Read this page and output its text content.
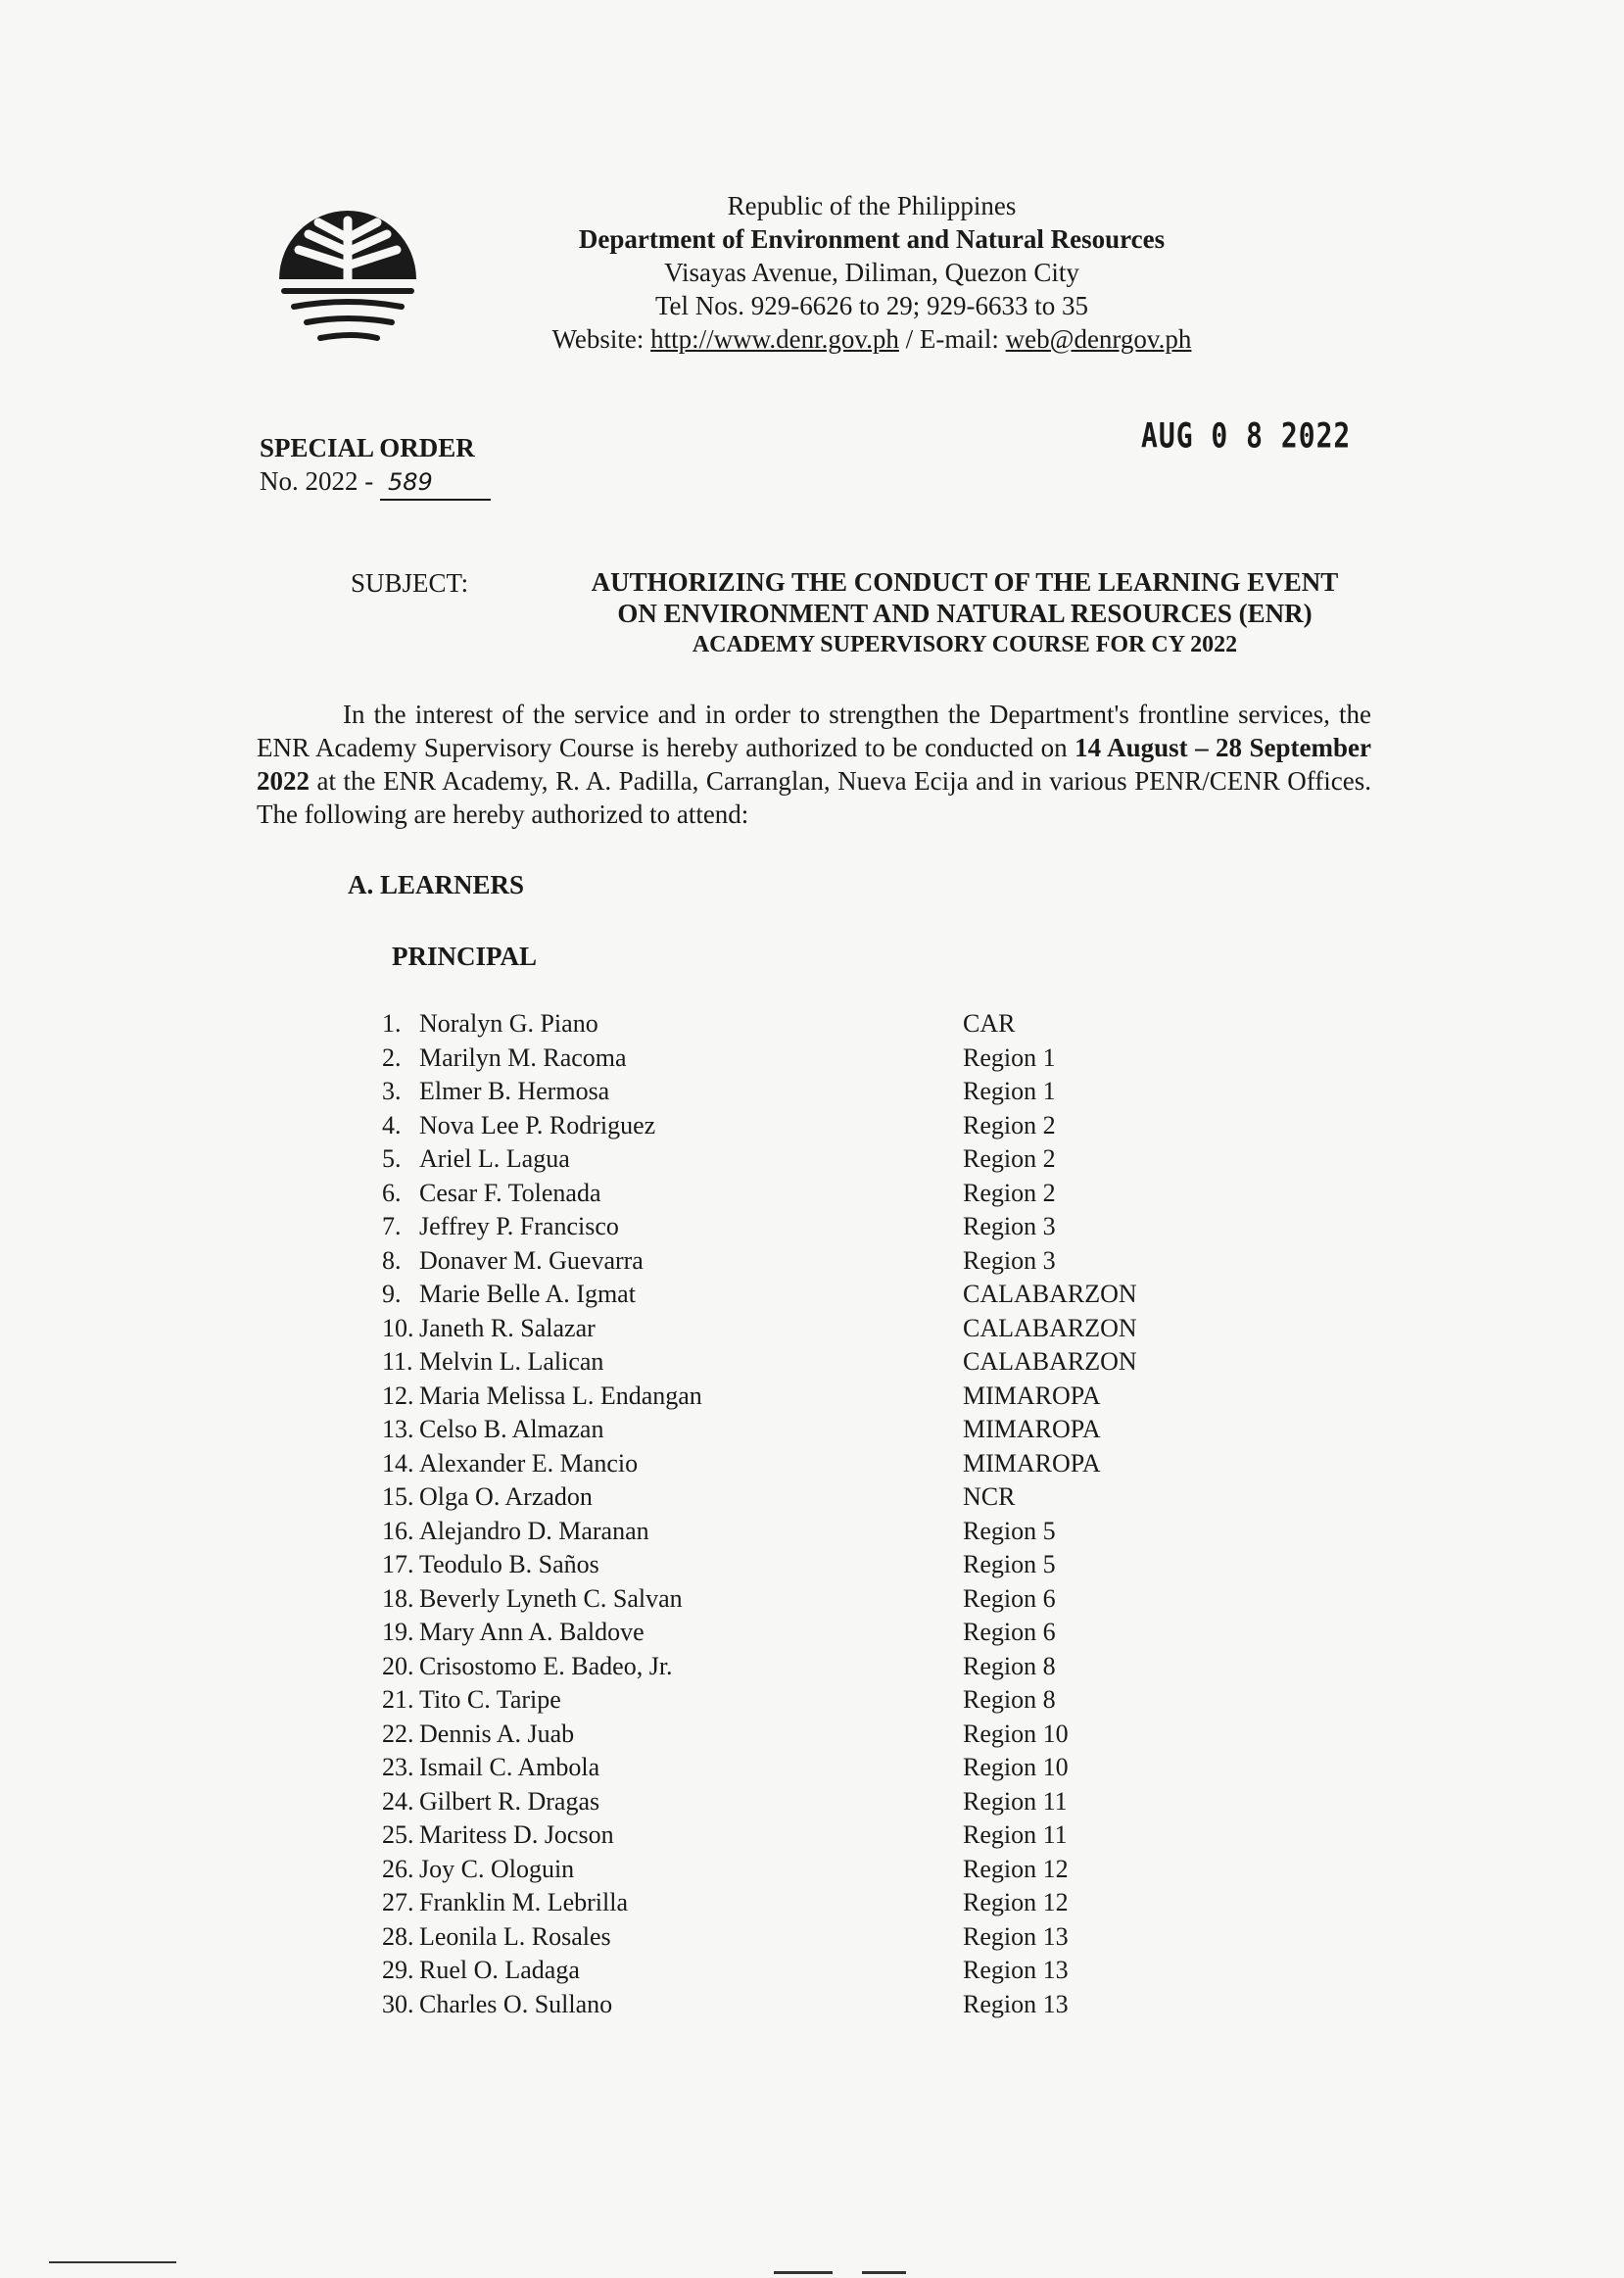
Republic of the Philippines
Department of Environment and Natural Resources
Visayas Avenue, Diliman, Quezon City
Tel Nos. 929-6626 to 29; 929-6633 to 35
Website: http://www.denr.gov.ph / E-mail: web@denrgov.ph
SPECIAL ORDER
No. 2022 - 589
AUG 0 8 2022
SUBJECT:	AUTHORIZING THE CONDUCT OF THE LEARNING EVENT
ON ENVIRONMENT AND NATURAL RESOURCES (ENR)
ACADEMY SUPERVISORY COURSE FOR CY 2022
In the interest of the service and in order to strengthen the Department's frontline services, the ENR Academy Supervisory Course is hereby authorized to be conducted on 14 August – 28 September 2022 at the ENR Academy, R. A. Padilla, Carranglan, Nueva Ecija and in various PENR/CENR Offices. The following are hereby authorized to attend:
A. LEARNERS
PRINCIPAL
1. Noralyn G. Piano	CAR
2. Marilyn M. Racoma	Region 1
3. Elmer B. Hermosa	Region 1
4. Nova Lee P. Rodriguez	Region 2
5. Ariel L. Lagua	Region 2
6. Cesar F. Tolenada	Region 2
7. Jeffrey P. Francisco	Region 3
8. Donaver M. Guevarra	Region 3
9. Marie Belle A. Igmat	CALABARZON
10. Janeth R. Salazar	CALABARZON
11. Melvin L. Lalican	CALABARZON
12. Maria Melissa L. Endangan	MIMAROPA
13. Celso B. Almazan	MIMAROPA
14. Alexander E. Mancio	MIMAROPA
15. Olga O. Arzadon	NCR
16. Alejandro D. Maranan	Region 5
17. Teodulo B. Saños	Region 5
18. Beverly Lyneth C. Salvan	Region 6
19. Mary Ann A. Baldove	Region 6
20. Crisostomo E. Badeo, Jr.	Region 8
21. Tito C. Taripe	Region 8
22. Dennis A. Juab	Region 10
23. Ismail C. Ambola	Region 10
24. Gilbert R. Dragas	Region 11
25. Maritess D. Jocson	Region 11
26. Joy C. Ologuin	Region 12
27. Franklin M. Lebrilla	Region 12
28. Leonila L. Rosales	Region 13
29. Ruel O. Ladaga	Region 13
30. Charles O. Sullano	Region 13
